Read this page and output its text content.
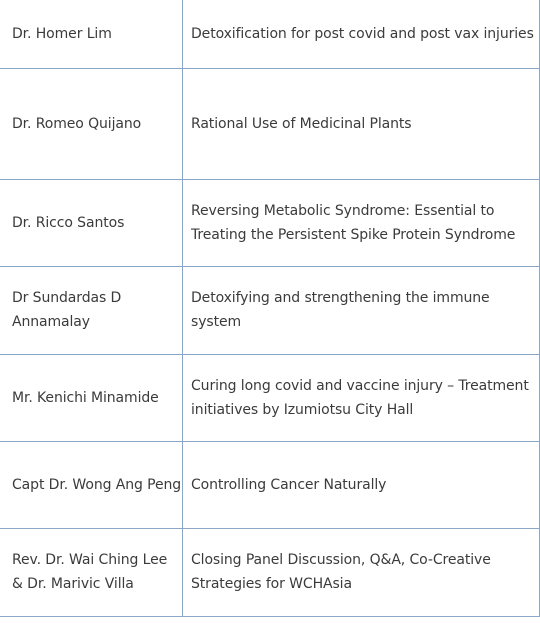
Dr. Homer Lim	Detoxification for post covid and post vax injuries
Dr. Romeo Quijano	Rational Use of Medicinal Plants
Dr. Ricco Santos	Reversing Metabolic Syndrome: Essential to Treating the Persistent Spike Protein Syndrome
Dr Sundardas D Annamalay	Detoxifying and strengthening the immune system
Mr. Kenichi Minamide	Curing long covid and vaccine injury – Treatment initiatives by Izumiotsu City Hall
Capt Dr. Wong Ang Peng	Controlling Cancer Naturally
Rev. Dr. Wai Ching Lee & Dr. Marivic Villa	Closing Panel Discussion, Q&A, Co-Creative Strategies for WCHAsia
